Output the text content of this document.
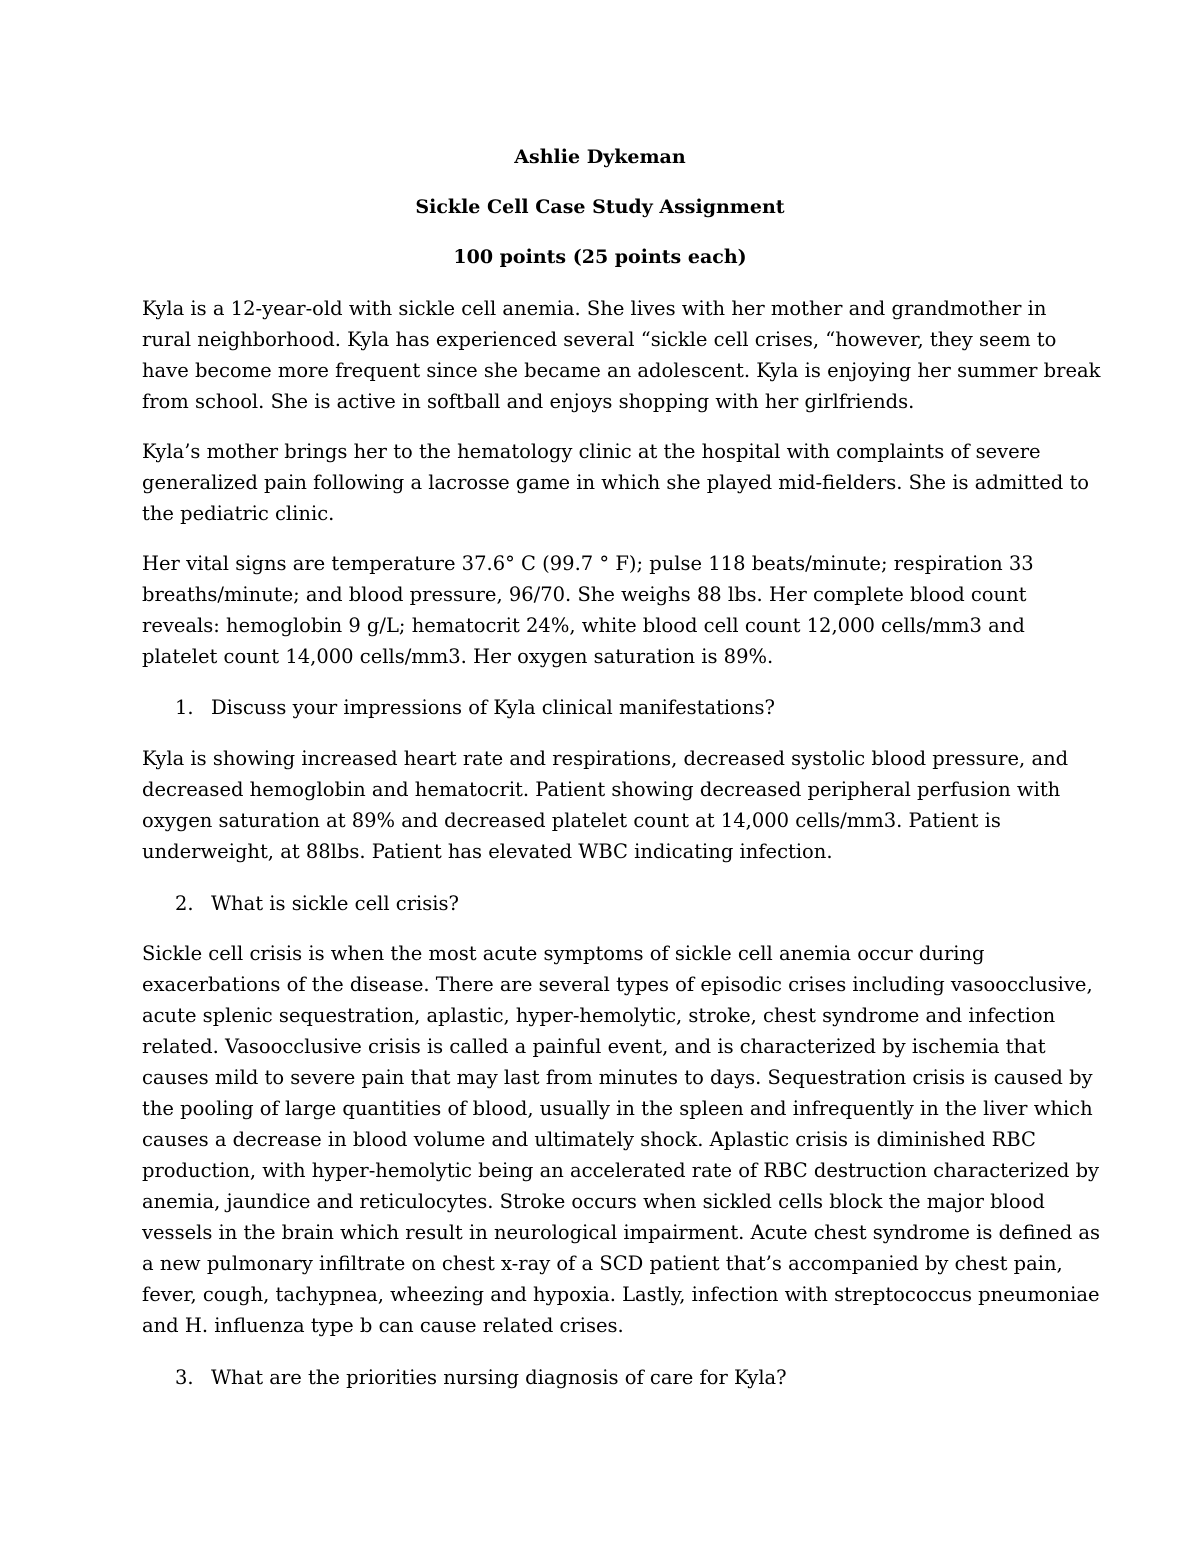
Ashlie Dykeman
Sickle Cell Case Study Assignment
100 points (25 points each)
Kyla is a 12-year-old with sickle cell anemia. She lives with her mother and grandmother in
rural neighborhood. Kyla has experienced several “sickle cell crises, “however, they seem to
have become more frequent since she became an adolescent. Kyla is enjoying her summer break
from school. She is active in softball and enjoys shopping with her girlfriends.
Kyla’s mother brings her to the hematology clinic at the hospital with complaints of severe
generalized pain following a lacrosse game in which she played mid-fielders. She is admitted to
the pediatric clinic.
Her vital signs are temperature 37.6° C (99.7 ° F); pulse 118 beats/minute; respiration 33
breaths/minute; and blood pressure, 96/70. She weighs 88 lbs. Her complete blood count
reveals: hemoglobin 9 g/L; hematocrit 24%, white blood cell count 12,000 cells/mm3 and
platelet count 14,000 cells/mm3. Her oxygen saturation is 89%.
1. Discuss your impressions of Kyla clinical manifestations?
Kyla is showing increased heart rate and respirations, decreased systolic blood pressure, and
decreased hemoglobin and hematocrit. Patient showing decreased peripheral perfusion with
oxygen saturation at 89% and decreased platelet count at 14,000 cells/mm3. Patient is
underweight, at 88lbs. Patient has elevated WBC indicating infection.
2. What is sickle cell crisis?
Sickle cell crisis is when the most acute symptoms of sickle cell anemia occur during
exacerbations of the disease. There are several types of episodic crises including vasoocclusive,
acute splenic sequestration, aplastic, hyper-hemolytic, stroke, chest syndrome and infection
related. Vasoocclusive crisis is called a painful event, and is characterized by ischemia that
causes mild to severe pain that may last from minutes to days. Sequestration crisis is caused by
the pooling of large quantities of blood, usually in the spleen and infrequently in the liver which
causes a decrease in blood volume and ultimately shock. Aplastic crisis is diminished RBC
production, with hyper-hemolytic being an accelerated rate of RBC destruction characterized by
anemia, jaundice and reticulocytes. Stroke occurs when sickled cells block the major blood
vessels in the brain which result in neurological impairment. Acute chest syndrome is defined as
a new pulmonary infiltrate on chest x-ray of a SCD patient that’s accompanied by chest pain,
fever, cough, tachypnea, wheezing and hypoxia. Lastly, infection with streptococcus pneumoniae
and H. influenza type b can cause related crises.
3. What are the priorities nursing diagnosis of care for Kyla?
